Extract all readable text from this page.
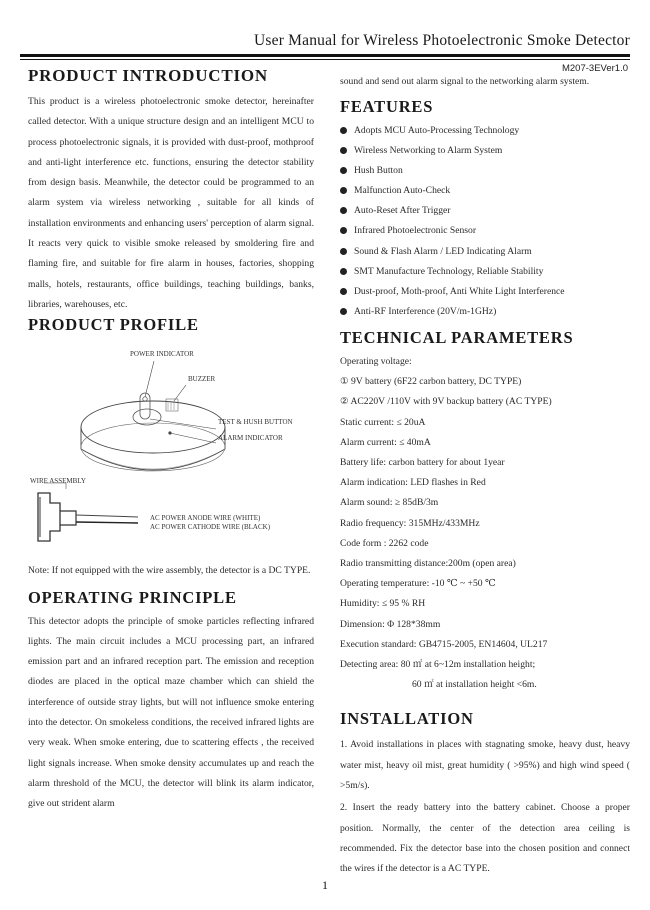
User Manual for Wireless Photoelectronic Smoke Detector
M207-3EVer1.0
PRODUCT INTRODUCTION

This product is a wireless photoelectronic smoke detector, hereinafter called detector. With a unique structure design and an intelligent MCU to process photoelectronic signals, it is provided with dust-proof, mothproof and anti-light interference etc. functions, ensuring the detector stability from design basis. Meanwhile, the detector could be programmed to an alarm system via wireless networking , suitable for all kinds of installation environments and enhancing users' perception of alarm signal. It reacts very quick to visible smoke released by smoldering fire and flaming fire, and suitable for fire alarm in houses, factories, shopping malls, hotels, restaurants, office buildings, teaching buildings, banks, libraries, warehouses, etc.

PRODUCT PROFILE
POWER INDICATOR
BUZZER
TEST & HUSH BUTTON
ALARM INDICATOR
WIRE ASSEMBLY
AC POWER ANODE WIRE (WHITE)
AC POWER CATHODE WIRE (BLACK)

Note: If not equipped with the wire assembly, the detector is a DC TYPE.

OPERATING PRINCIPLE

This detector adopts the principle of smoke particles reflecting infrared lights. The main circuit includes a MCU processing part, an infrared emission part and an infrared reception part. The emission and reception diodes are placed in the optical maze chamber which can shield the interference of outside stray lights, but will not influence smoke entering into the detector. On smokeless conditions, the received infrared lights are very weak. When smoke entering, due to scattering effects , the received light signals increase. When smoke density accumulates up and reach the alarm threshold of the MCU, the detector will blink its alarm indicator, give out strident alarm

sound and send out alarm signal to the networking alarm system.

FEATURES
Adopts MCU Auto-Processing Technology
Wireless Networking to Alarm System
Hush Button
Malfunction Auto-Check
Auto-Reset After Trigger
Infrared Photoelectronic Sensor
Sound & Flash Alarm / LED Indicating Alarm
SMT Manufacture Technology, Reliable Stability
Dust-proof, Moth-proof, Anti White Light Interference
Anti-RF Interference (20V/m-1GHz)
TECHNICAL PARAMETERS
Operating voltage:
① 9V battery (6F22 carbon battery, DC TYPE)
② AC220V /110V with 9V backup battery (AC TYPE)
Static current: ≤ 20uA
Alarm current: ≤ 40mA
Battery life: carbon battery for about 1year
Alarm indication: LED flashes in Red
Alarm sound: ≥ 85dB/3m
Radio frequency: 315MHz/433MHz
Code form : 2262 code
Radio transmitting distance:200m (open area)
Operating temperature: -10 ℃ ~ +50 ℃
Humidity: ≤ 95 % RH
Dimension: Φ 128*38mm
Execution standard: GB4715-2005, EN14604, UL217
Detecting area: 80 ㎡ at 6~12m installation height;
60 ㎡ at installation height <6m.
INSTALLATION

1. Avoid installations in places with stagnating smoke, heavy dust, heavy water mist, heavy oil mist, great humidity ( >95%) and high wind speed ( >5m/s).

2. Insert the ready battery into the battery cabinet. Choose a proper position. Normally, the center of the detection area ceiling is recommended. Fix the detector base into the chosen position and connect the wires if the detector is a AC TYPE.

1
